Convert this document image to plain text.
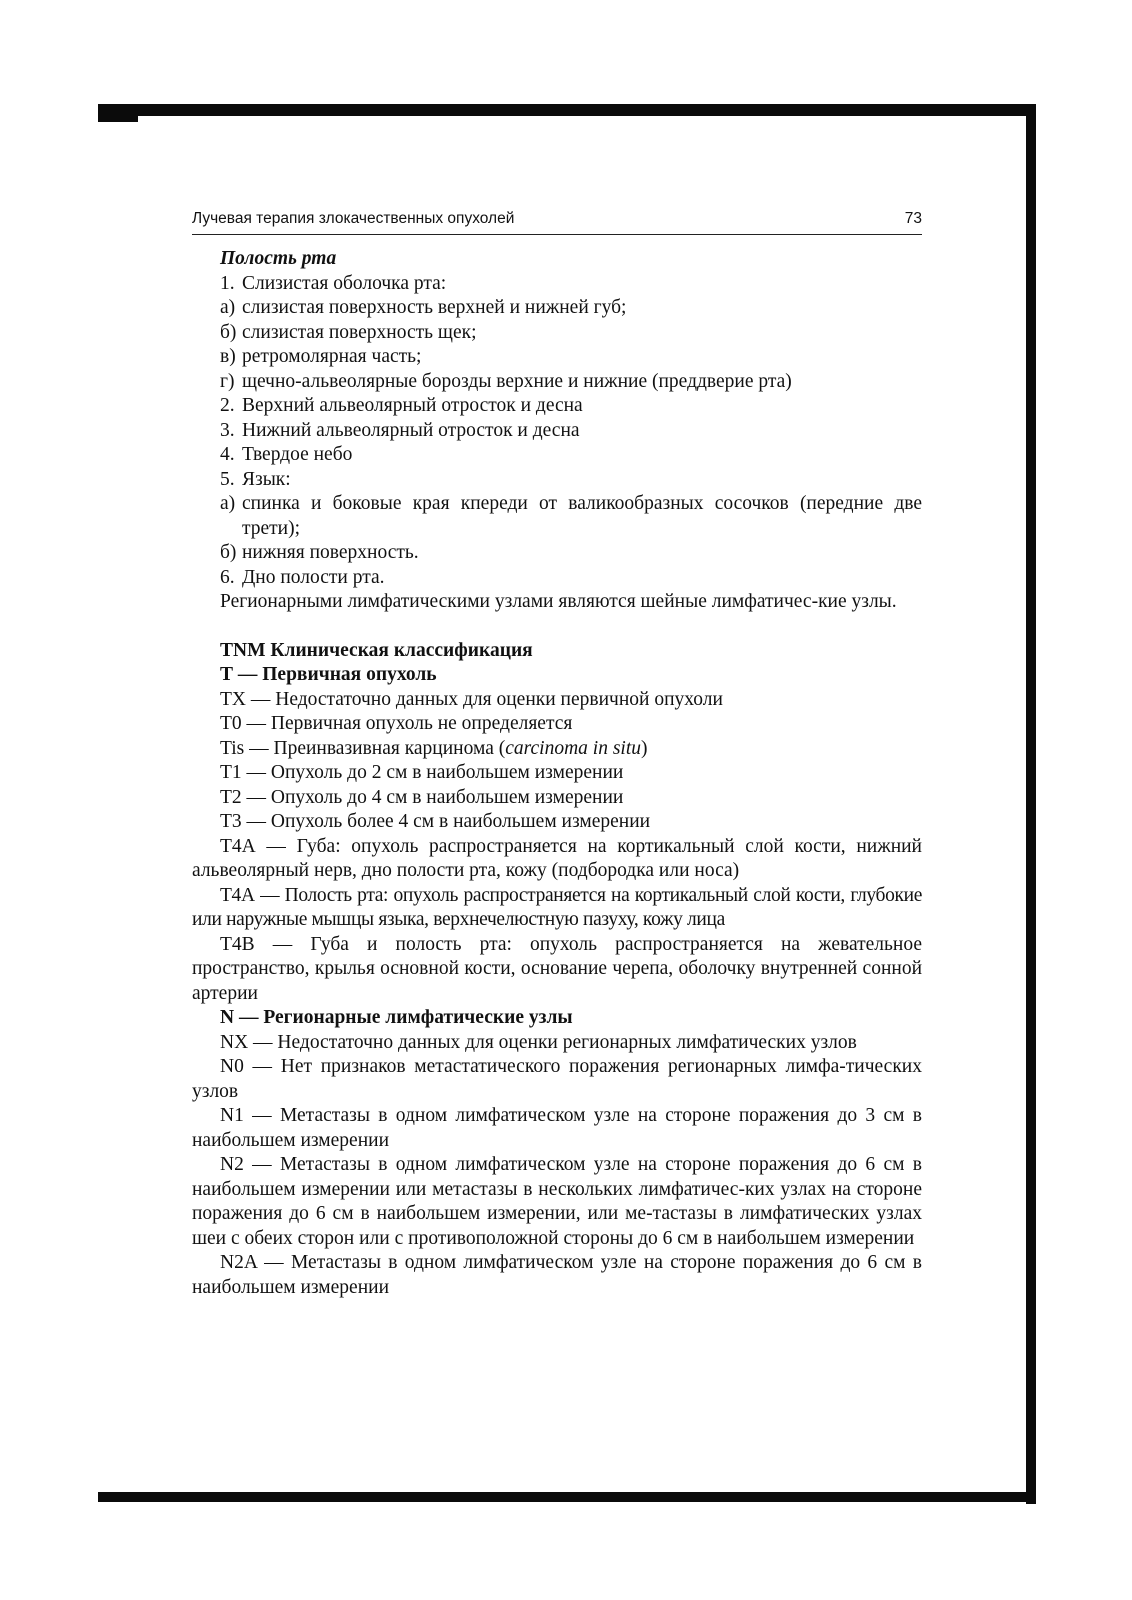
Лучевая терапия злокачественных опухолей	73

Полость рта

1. Слизистая оболочка рта:
а) слизистая поверхность верхней и нижней губ;
б) слизистая поверхность щек;
в) ретромолярная часть;
г) щечно-альвеолярные борозды верхние и нижние (преддверие рта)
2. Верхний альвеолярный отросток и десна
3. Нижний альвеолярный отросток и десна
4. Твердое небо
5. Язык:
а) спинка и боковые края кпереди от валикообразных сосочков (передние две трети);
б) нижняя поверхность.
6. Дно полости рта.

Регионарными лимфатическими узлами являются шейные лимфатичес-кие узлы.

TNM Клиническая классификация

Т — Первичная опухоль

ТХ — Недостаточно данных для оценки первичной опухоли

Т0 — Первичная опухоль не определяется

Tis — Преинвазивная карцинома (carcinoma in situ)

Т1 — Опухоль до 2 см в наибольшем измерении

Т2 — Опухоль до 4 см в наибольшем измерении

Т3 — Опухоль более 4 см в наибольшем измерении

Т4А — Губа: опухоль распространяется на кортикальный слой кости, нижний альвеолярный нерв, дно полости рта, кожу (подбородка или носа)

Т4А — Полость рта: опухоль распространяется на кортикальный слой кости, глубокие или наружные мышцы языка, верхнечелюстную пазуху, кожу лица

Т4В — Губа и полость рта: опухоль распространяется на жевательное пространство, крылья основной кости, основание черепа, оболочку внутренней сонной артерии

N — Регионарные лимфатические узлы

NX — Недостаточно данных для оценки регионарных лимфатических узлов

N0 — Нет признаков метастатического поражения регионарных лимфа-тических узлов

N1 — Метастазы в одном лимфатическом узле на стороне поражения до 3 см в наибольшем измерении

N2 — Метастазы в одном лимфатическом узле на стороне поражения до 6 см в наибольшем измерении или метастазы в нескольких лимфатичес-ких узлах на стороне поражения до 6 см в наибольшем измерении, или ме-тастазы в лимфатических узлах шеи с обеих сторон или с противоположной стороны до 6 см в наибольшем измерении

N2A — Метастазы в одном лимфатическом узле на стороне поражения до 6 см в наибольшем измерении
